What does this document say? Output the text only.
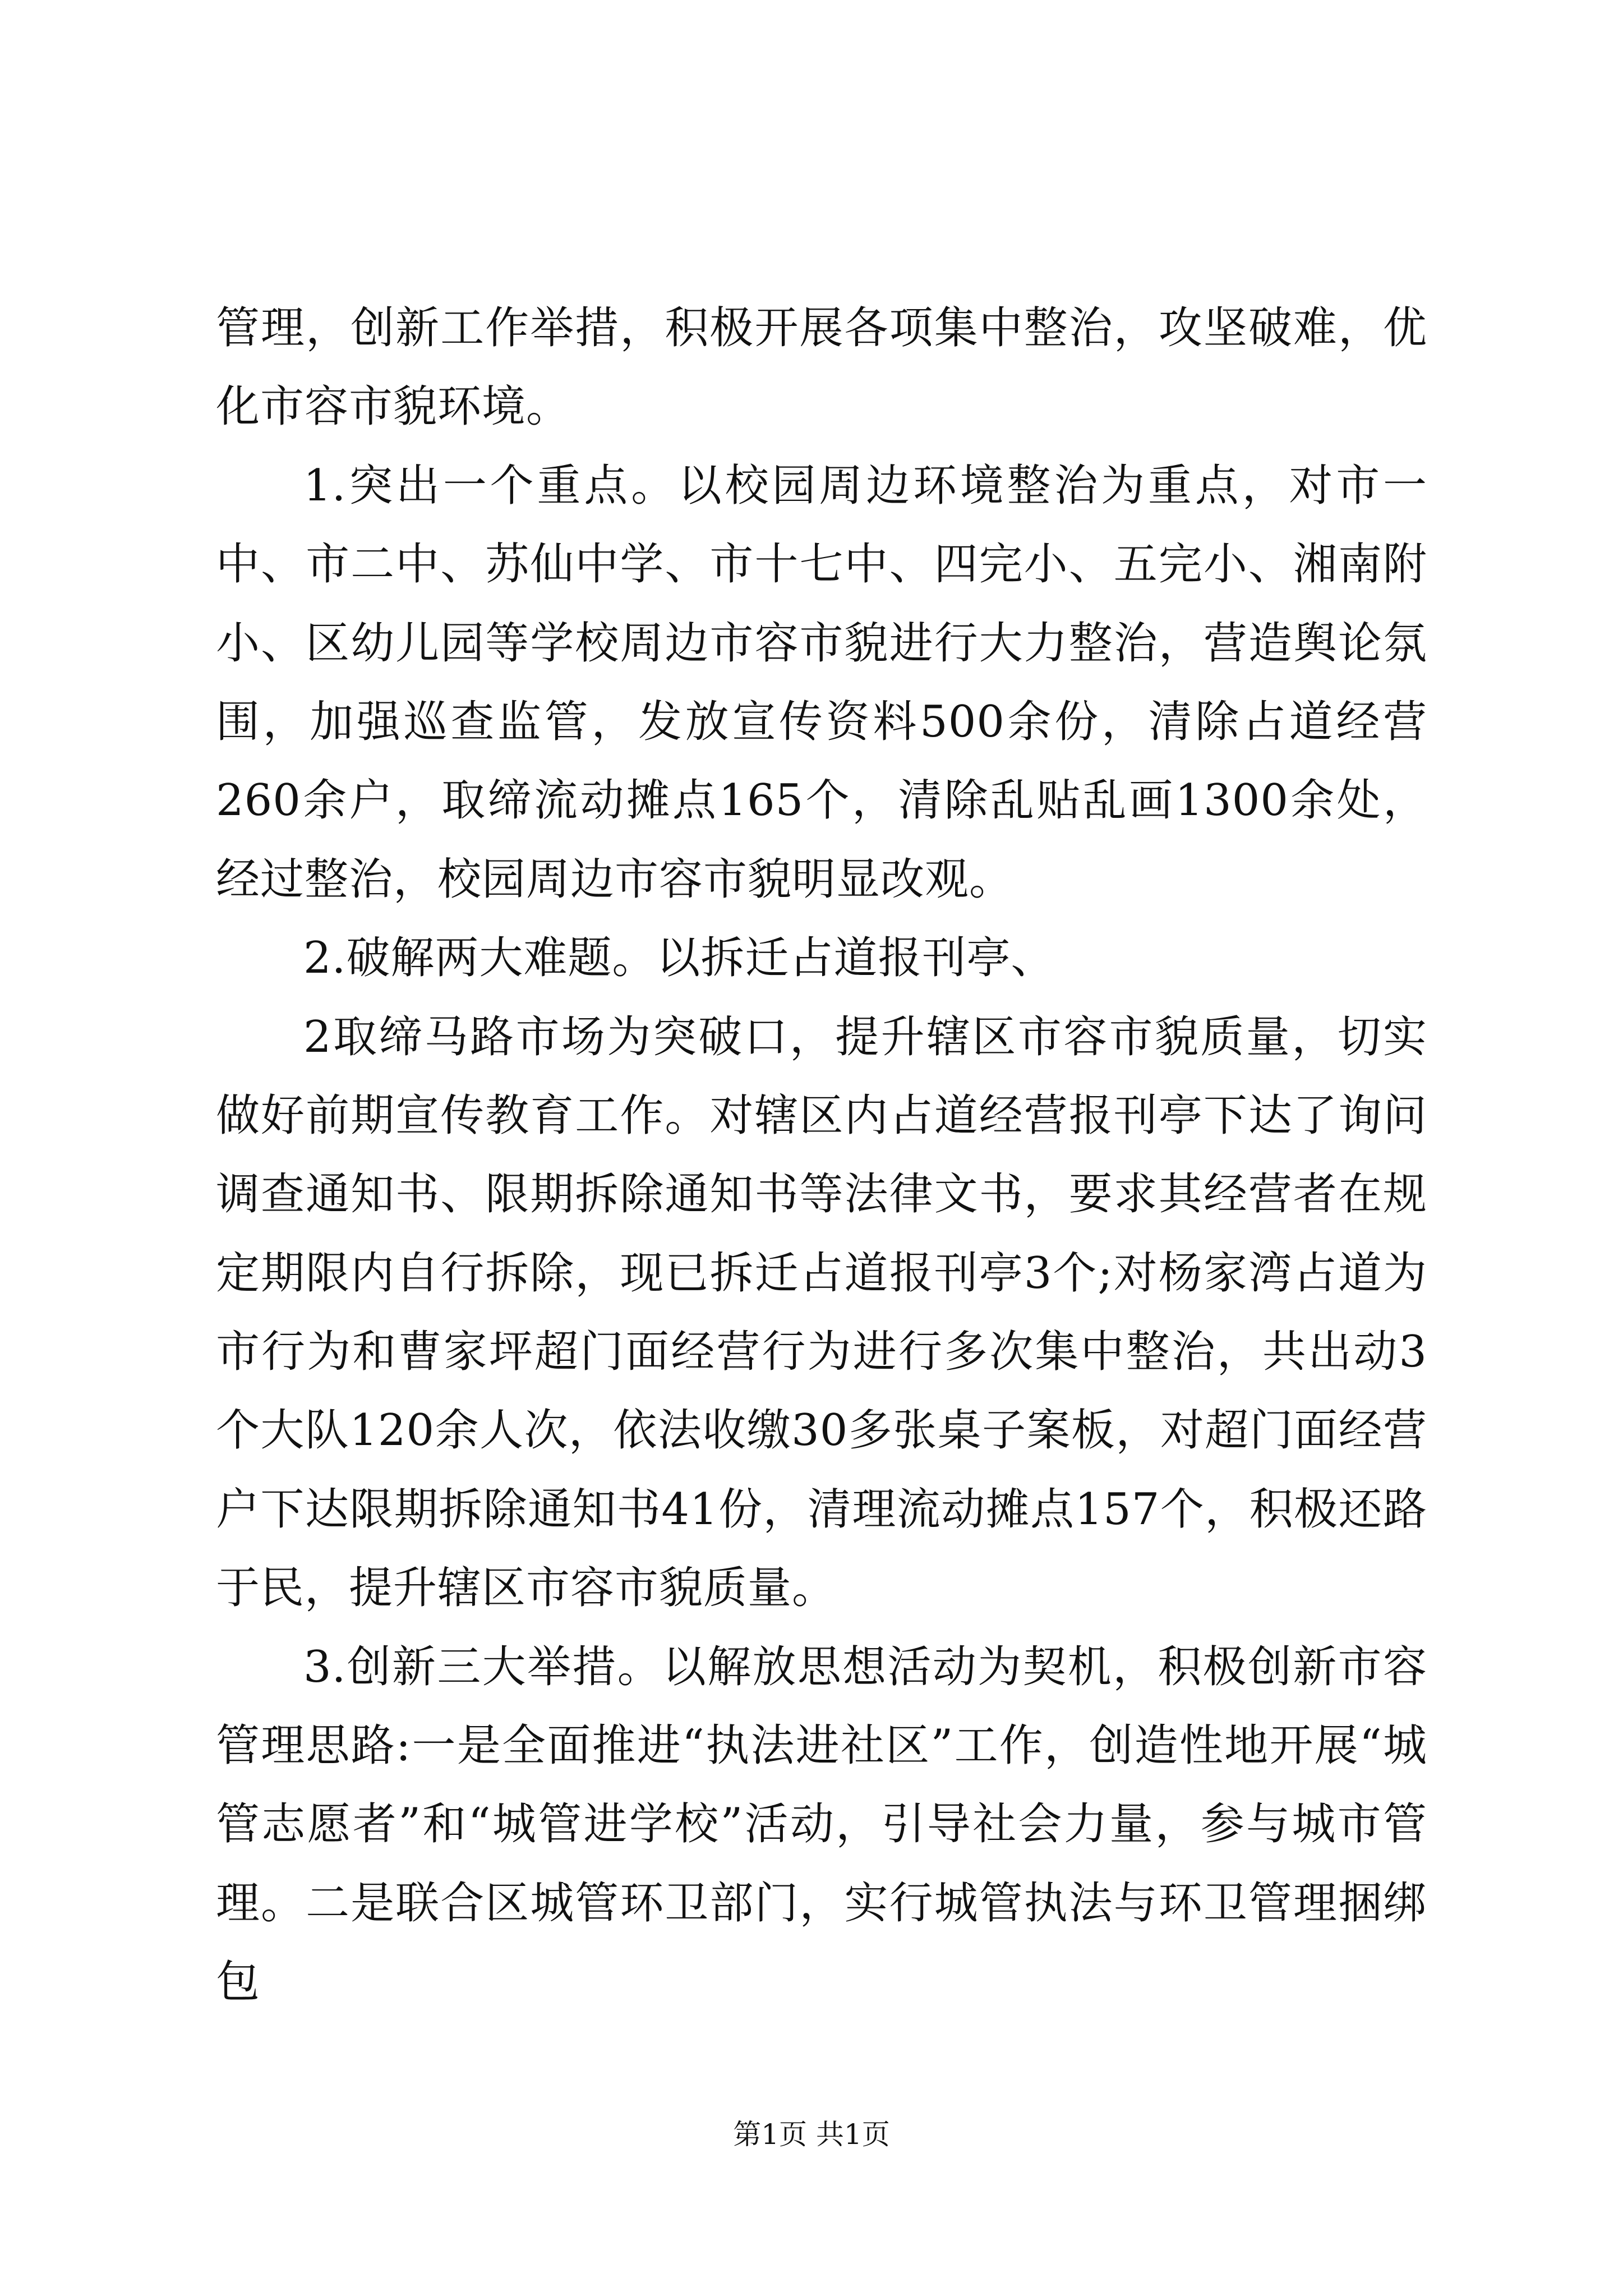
管理，创新工作举措，积极开展各项集中整治，攻坚破难，优化市容市貌环境。

1.突出一个重点。以校园周边环境整治为重点，对市一中、市二中、苏仙中学、市十七中、四完小、五完小、湘南附小、区幼儿园等学校周边市容市貌进行大力整治，营造舆论氛围，加强巡查监管，发放宣传资料500余份，清除占道经营260余户，取缔流动摊点165个，清除乱贴乱画1300余处，经过整治，校园周边市容市貌明显改观。

2.破解两大难题。以拆迁占道报刊亭、

2取缔马路市场为突破口，提升辖区市容市貌质量，切实做好前期宣传教育工作。对辖区内占道经营报刊亭下达了询问调查通知书、限期拆除通知书等法律文书，要求其经营者在规定期限内自行拆除，现已拆迁占道报刊亭3个;对杨家湾占道为市行为和曹家坪超门面经营行为进行多次集中整治，共出动3个大队120余人次，依法收缴30多张桌子案板，对超门面经营户下达限期拆除通知书41份，清理流动摊点157个，积极还路于民，提升辖区市容市貌质量。

3.创新三大举措。以解放思想活动为契机，积极创新市容管理思路:一是全面推进“执法进社区”工作，创造性地开展“城管志愿者”和“城管进学校”活动，引导社会力量，参与城市管理。二是联合区城管环卫部门，实行城管执法与环卫管理捆绑包

第1页 共1页
